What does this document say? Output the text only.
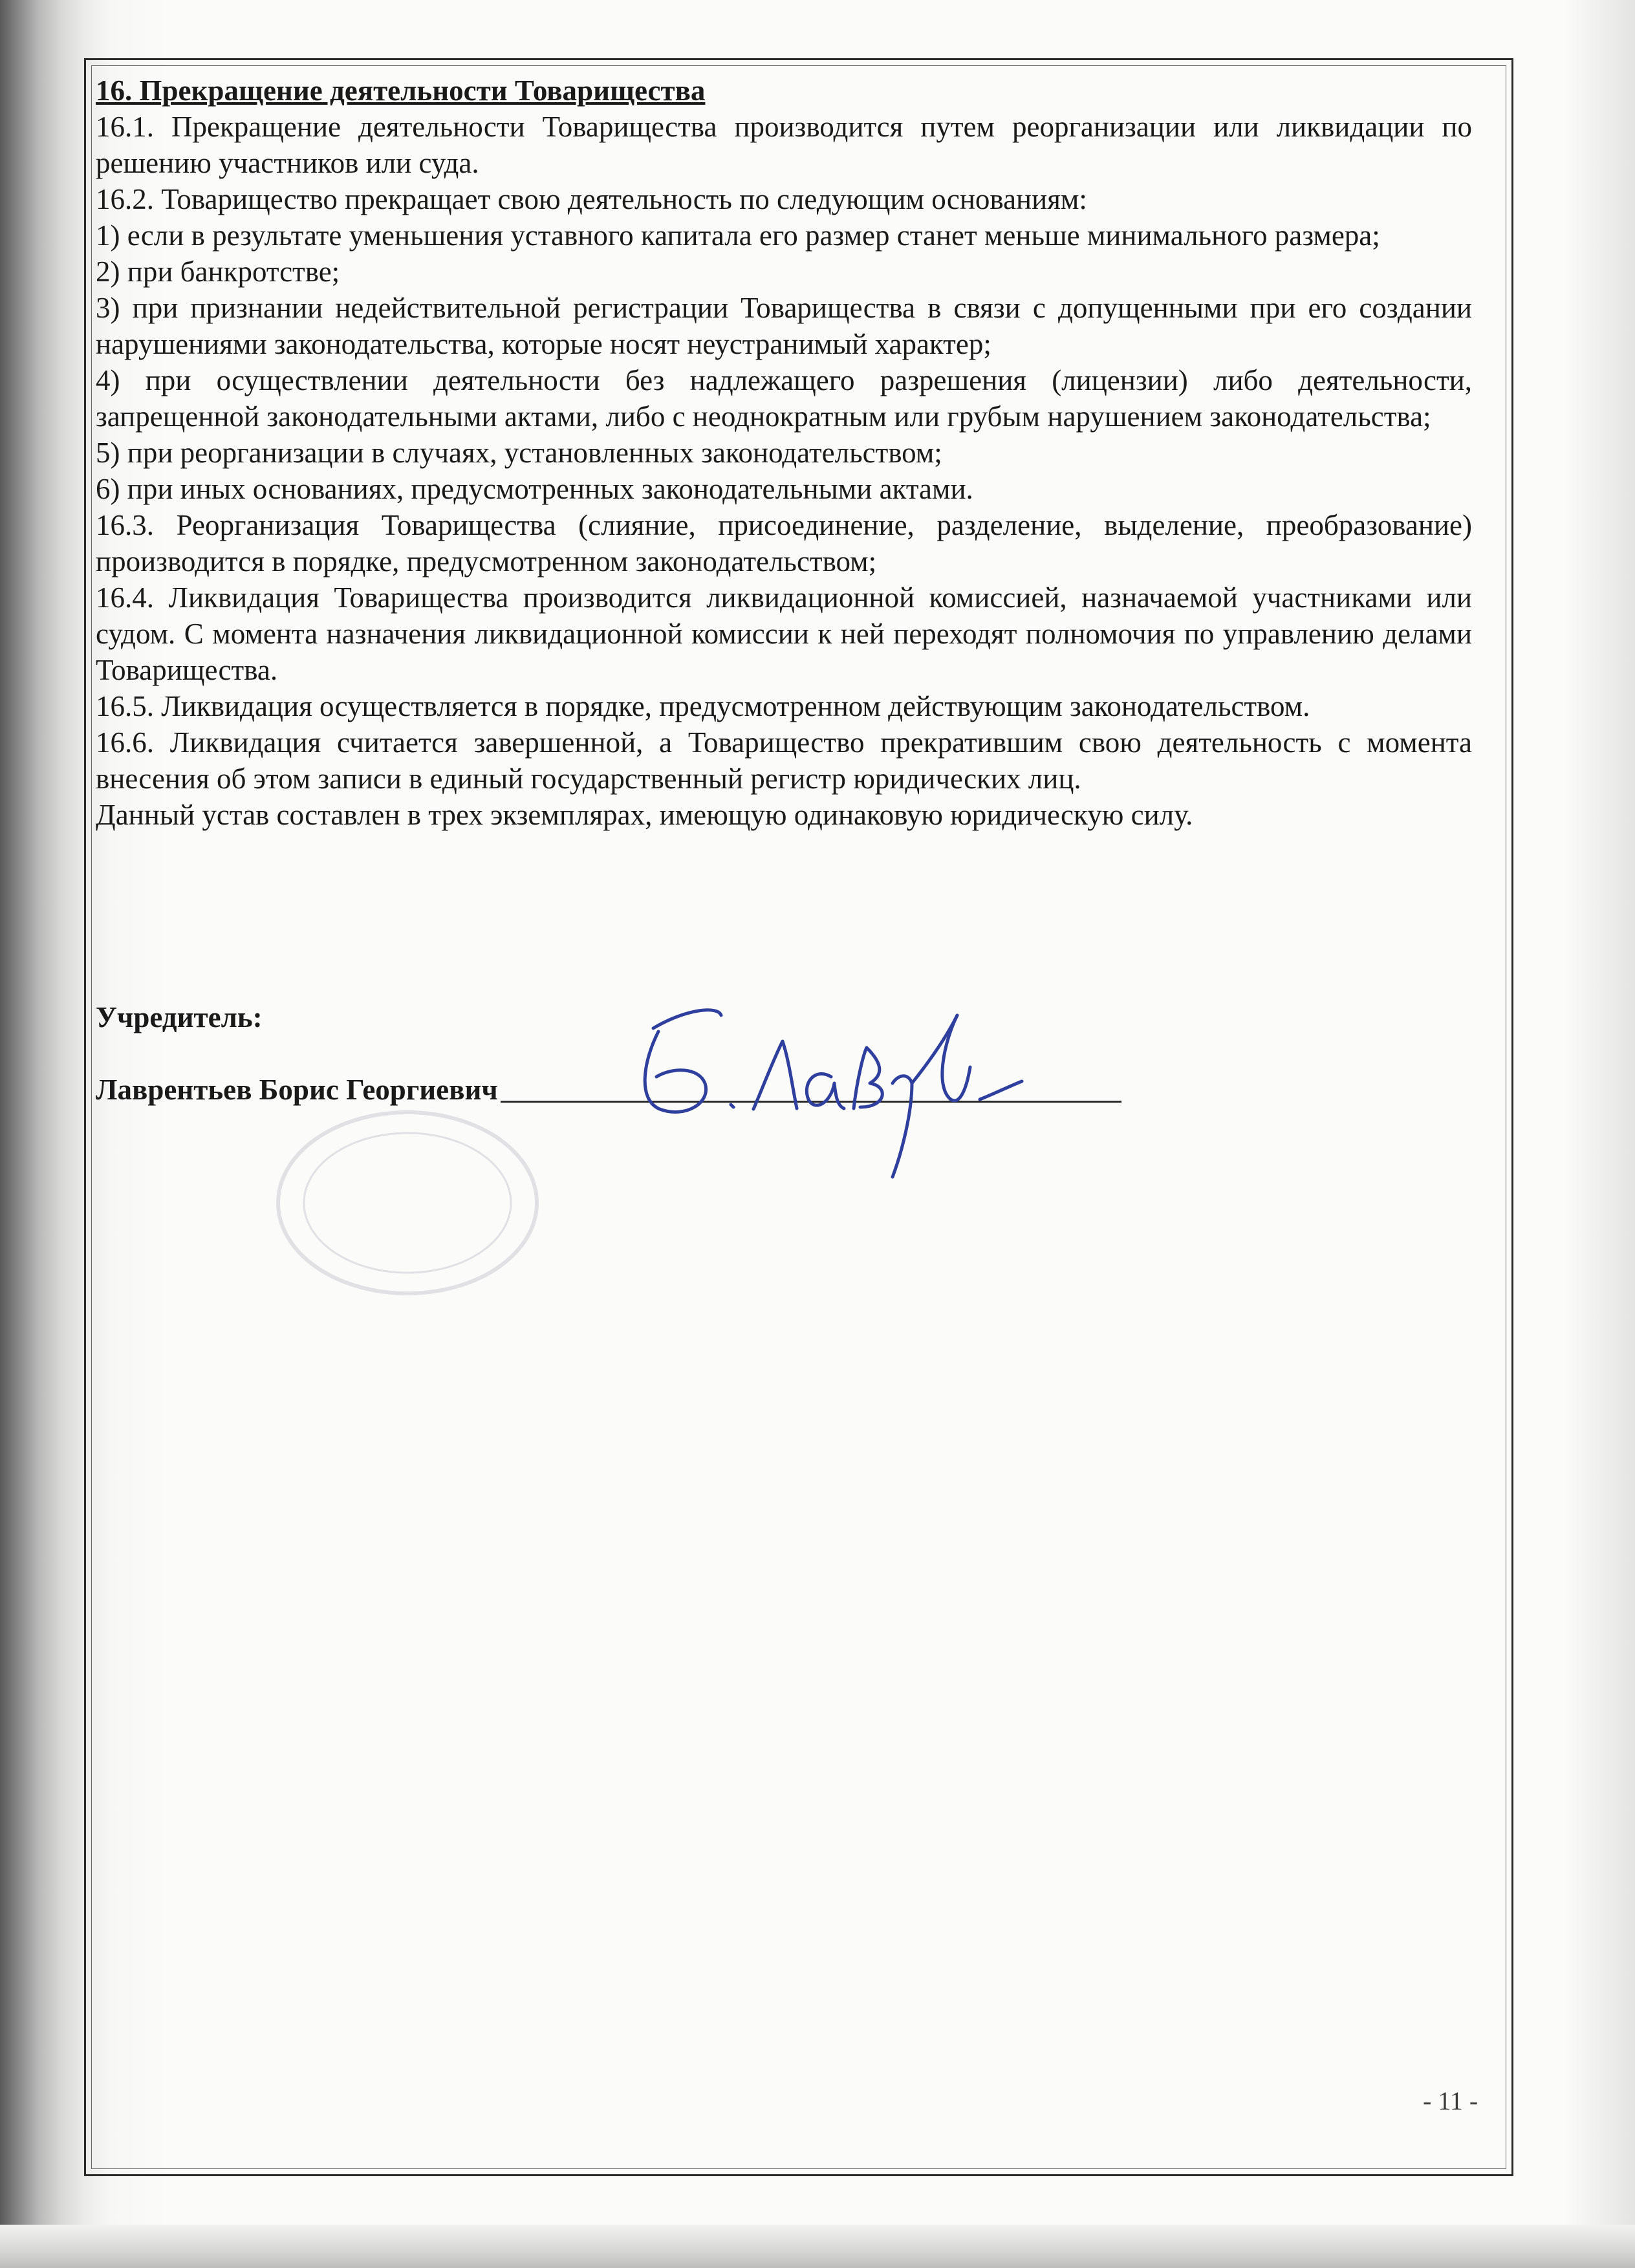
16. Прекращение деятельности Товарищества

16.1. Прекращение деятельности Товарищества производится путем реорганизации или ликвидации по решению участников или суда.

16.2. Товарищество прекращает свою деятельность по следующим основаниям:

1) если в результате уменьшения уставного капитала его размер станет меньше минимального размера;

2) при банкротстве;

3) при признании недействительной регистрации Товарищества в связи с допущенными при его создании нарушениями законодательства, которые носят неустранимый характер;

4) при осуществлении деятельности без надлежащего разрешения (лицензии) либо деятельности, запрещенной законодательными актами, либо с неоднократным или грубым нарушением законодательства;

5) при реорганизации в случаях, установленных законодательством;

6) при иных основаниях, предусмотренных законодательными актами.

16.3. Реорганизация Товарищества (слияние, присоединение, разделение, выделение, преобразование) производится в порядке, предусмотренном законодательством;

16.4. Ликвидация Товарищества производится ликвидационной комиссией, назначаемой участниками или судом. С момента назначения ликвидационной комиссии к ней переходят полномочия по управлению делами Товарищества.

16.5. Ликвидация осуществляется в порядке, предусмотренном действующим законодательством.

16.6. Ликвидация считается завершенной, а Товарищество прекратившим свою деятельность с момента внесения об этом записи в единый государственный регистр юридических лиц.

Данный устав составлен в трех экземплярах, имеющую одинаковую юридическую силу.

Учредитель:
Лаврентьев Борис Георгиевич
- 11 -
